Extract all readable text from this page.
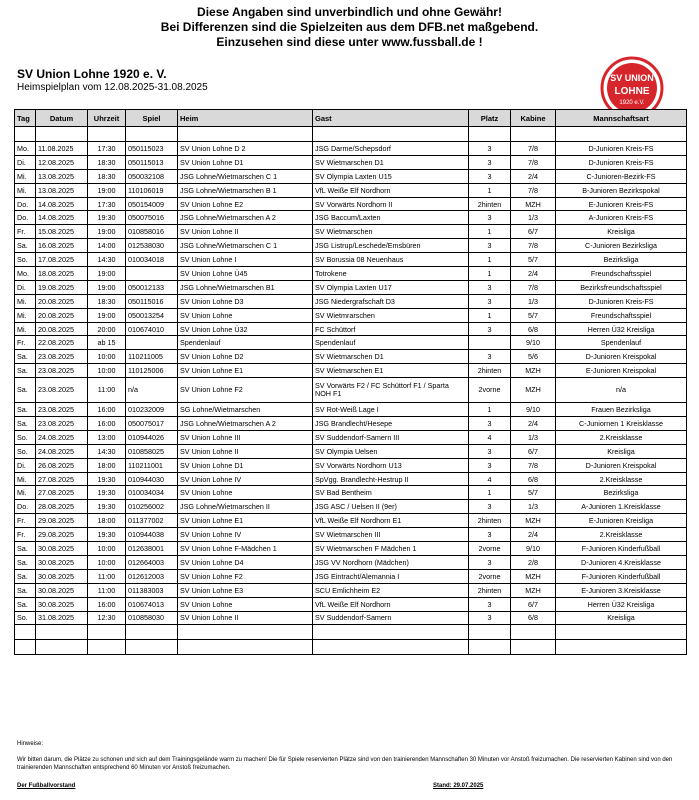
Diese Angaben sind unverbindlich und ohne Gewähr!
Bei Differenzen sind die Spielzeiten aus dem DFB.net maßgebend.
Einzusehen sind diese unter www.fussball.de !
SV Union Lohne 1920 e. V.
Heimspielplan vom 12.08.2025-31.08.2025
SV UNION
LOHNE
1920 e.V.
Tag	Datum	Uhrzeit	Spiel	Heim	Gast	Platz	Kabine	Mannschaftsart

Mo.	11.08.2025	17:30	050115023	SV Union Lohne D 2	JSG Darme/Schepsdorf	3	7/8	D-Junioren Kreis-FS
Di.	12.08.2025	18:30	050115013	SV Union Lohne D1	SV Wietmarschen D1	3	7/8	D-Junioren Kreis-FS
Mi.	13.08.2025	18:30	050032108	JSG Lohne/Wietmarschen C 1	SV Olympia Laxten U15	3	2/4	C-Junioren-Bezirk-FS
Mi.	13.08.2025	19:00	110106019	JSG Lohne/Wietmarschen B 1	VfL Weiße Elf Nordhorn	1	7/8	B-Junioren Bezirkspokal
Do.	14.08.2025	17:30	050154009	SV Union Lohne E2	SV Vorwärts Nordhorn II	2hinten	MZH	E-Junioren Kreis-FS
Do.	14.08.2025	19:30	050075016	JSG Lohne/Wietmarschen A 2	JSG Baccum/Laxten	3	1/3	A-Junioren Kreis-FS
Fr.	15.08.2025	19:00	010858016	SV Union Lohne II	SV Wietmarschen	1	6/7	Kreisliga
Sa.	16.08.2025	14:00	012538030	JSG Lohne/Wietmarschen C 1	JSG Listrup/Leschede/Emsbüren	3	7/8	C-Junioren Bezirksliga
So.	17.08.2025	14:30	010034018	SV Union Lohne I	SV Borussia 08 Neuenhaus	1	5/7	Bezirksliga
Mo.	18.08.2025	19:00		SV Union Lohne Ü45	Totrokene	1	2/4	Freundschaftsspiel
Di.	19.08.2025	19:00	050012133	JSG Lohne/Wietmarschen B1	SV Olympia Laxten U17	3	7/8	Bezirksfreundschaftsspiel
Mi.	20.08.2025	18:30	050115016	SV Union Lohne D3	JSG Niedergrafschaft D3	3	1/3	D-Junioren Kreis-FS
Mi.	20.08.2025	19:00	050013254	SV Union Lohne	SV Wietmrarschen	1	5/7	Freundschaftsspiel
Mi.	20.08.2025	20:00	010674010	SV Union Lohne Ü32	FC Schüttorf	3	6/8	Herren Ü32 Kreisliga
Fr.	22.08.2025	ab 15		Spendenlauf	Spendenlauf		9/10	Spendenlauf
Sa.	23.08.2025	10:00	110211005	SV Union Lohne D2	SV Wietmarschen D1	3	5/6	D-Junioren Kreispokal
Sa.	23.08.2025	10:00	110125006	SV Union Lohne E1	SV Wietmarschen E1	2hinten	MZH	E-Junioren Kreispokal
Sa.	23.08.2025	11:00	n/a	SV Union Lohne F2	SV Vorwärts F2 / FC Schüttorf F1 / Sparta NOH F1	2vorne	MZH	n/a
Sa.	23.08.2025	16:00	010232009	SG Lohne/Wietmarschen	SV Rot-Weiß Lage I	1	9/10	Frauen Bezirksliga
Sa.	23.08.2025	16:00	050075017	JSG Lohne/Wietmarschen A 2	JSG Brandlecht/Hesepe	3	2/4	C-Juniornen 1 Kreisklasse
So.	24.08.2025	13:00	010944026	SV Union Lohne III	SV Suddendorf-Samern III	4	1/3	2.Kreisklasse
So.	24.08.2025	14:30	010858025	SV Union Lohne II	SV Olympia Uelsen	3	6/7	Kreisliga
Di.	26.08.2025	18:00	110211001	SV Union Lohne D1	SV Vorwärts Nordhorn U13	3	7/8	D-Junioren Kreispokal
Mi.	27.08.2025	19:30	010944030	SV Union Lohne IV	SpVgg. Brandlecht-Hestrup II	4	6/8	2.Kreisklasse
Mi.	27.08.2025	19:30	010034034	SV Union Lohne	SV Bad Bentheim	1	5/7	Bezirksliga
Do.	28.08.2025	19:30	010256002	JSG Lohne/Wietmarschen II	JSG ASC / Uelsen II (9er)	3	1/3	A-Junioren 1.Kreisklasse
Fr.	29.08.2025	18:00	011377002	SV Union Lohne E1	VfL Weiße Elf Nordhorn E1	2hinten	MZH	E-Junioren Kreisliga
Fr.	29.08.2025	19:30	010944038	SV Union Lohne IV	SV Wietmarschen III	3	2/4	2.Kreisklasse
Sa.	30.08.2025	10:00	012638001	SV Union Lohne F-Mädchen 1	SV Wietmarschen F Mädchen 1	2vorne	9/10	F-Junioren Kinderfußball
Sa.	30.08.2025	10:00	012664003	SV Union Lohne D4	JSG VV Nordhorn (Mädchen)	3	2/8	D-Junioren 4.Kreisklasse
Sa.	30.08.2025	11:00	012612003	SV Union Lohne F2	JSG Eintracht/Alemannia I	2vorne	MZH	F-Junioren Kinderfußball
Sa.	30.08.2025	11:00	011383003	SV Union Lohne E3	SCU Emlichheim E2	2hinten	MZH	E-Junioren 3.Kreisklasse
Sa.	30.08.2025	16:00	010674013	SV Union Lohne	VfL Weiße Elf Nordhorn	3	6/7	Herren Ü32 Kreisliga
So.	31.08.2025	12:30	010858030	SV Union Lohne II	SV Suddendorf-Samern	3	6/8	Kreisliga

Hinweise:
Wir bitten darum, die Plätze zu schonen und sich auf dem Trainingsgelände warm zu machen! Die für Spiele reservierten Plätze sind von den trainierenden Mannschaften 30 Minuten vor Anstoß freizumachen. Die reservierten Kabinen sind von den trainierenden Mannschaften entsprechend 60 Minuten vor Anstoß freizumachen.
Der Fußballvorstand	Stand: 29.07.2025
